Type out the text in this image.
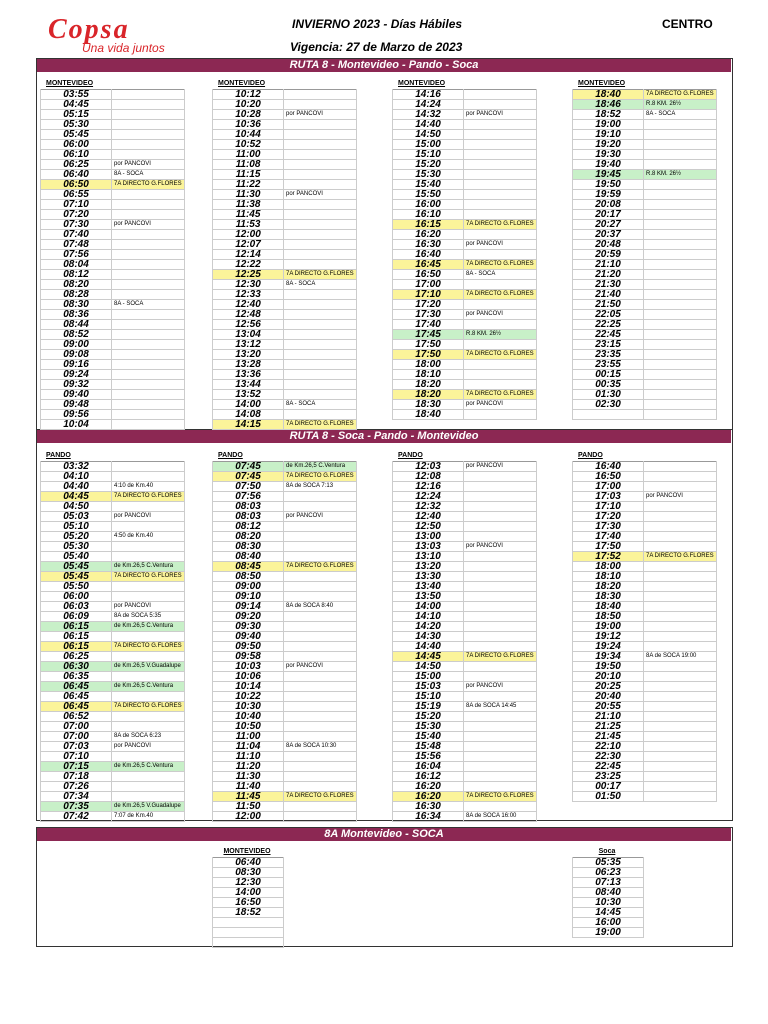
Copsa
Una vida juntos
INVIERNO 2023 - Días Hábiles
Vigencia: 27 de Marzo de 2023
CENTRO
RUTA 8 - Montevideo - Pando - Soca
RUTA 8 - Soca - Pando - Montevideo
8A Montevideo - SOCA
MONTEVIDEO
03:55	
04:45	
05:15	
05:30	
05:45	
06:00	
06:10	
06:25	por PANCOVI
06:40	8A - SOCA
06:50	7A DIRECTO G.FLORES
06:55	
07:10	
07:20	
07:30	por PANCOVI
07:40	
07:48	
07:56	
08:04	
08:12	
08:20	
08:28	
08:30	8A - SOCA
08:36	
08:44	
08:52	
09:00	
09:08	
09:16	
09:24	
09:32	
09:40	
09:48	
09:56	
10:04	
MONTEVIDEO
10:12	
10:20	
10:28	por PANCOVI
10:36	
10:44	
10:52	
11:00	
11:08	
11:15	
11:22	
11:30	por PANCOVI
11:38	
11:45	
11:53	
12:00	
12:07	
12:14	
12:22	
12:25	7A DIRECTO G.FLORES
12:30	8A - SOCA
12:33	
12:40	
12:48	
12:56	
13:04	
13:12	
13:20	
13:28	
13:36	
13:44	
13:52	
14:00	8A - SOCA
14:08	
14:15	7A DIRECTO G.FLORES
MONTEVIDEO
14:16	
14:24	
14:32	por PANCOVI
14:40	
14:50	
15:00	
15:10	
15:20	
15:30	
15:40	
15:50	
16:00	
16:10	
16:15	7A DIRECTO G.FLORES
16:20	
16:30	por PANCOVI
16:40	
16:45	7A DIRECTO G.FLORES
16:50	8A - SOCA
17:00	
17:10	7A DIRECTO G.FLORES
17:20	
17:30	por PANCOVI
17:40	
17:45	R.8 KM. 26½
17:50	
17:50	7A DIRECTO G.FLORES
18:00	
18:10	
18:20	
18:20	7A DIRECTO G.FLORES
18:30	por PANCOVI
18:40	
MONTEVIDEO
18:40	7A DIRECTO G.FLORES
18:46	R.8 KM. 26½
18:52	8A - SOCA
19:00	
19:10	
19:20	
19:30	
19:40	
19:45	R.8 KM. 26½
19:50	
19:59	
20:08	
20:17	
20:27	
20:37	
20:48	
20:59	
21:10	
21:20	
21:30	
21:40	
21:50	
22:05	
22:25	
22:45	
23:15	
23:35	
23:55	
00:15	
00:35	
01:30	
02:30	

PANDO
03:32	
04:10	
04:40	4:10 de Km.40
04:45	7A DIRECTO G.FLORES
04:50	
05:03	por PANCOVI
05:10	
05:20	4:50 de Km.40
05:30	
05:40	
05:45	de Km.26,5 C.Ventura
05:45	7A DIRECTO G.FLORES
05:50	
06:00	
06:03	por PANCOVI
06:09	8A de SOCA 5:35
06:15	de Km.26,5 C.Ventura
06:15	
06:15	7A DIRECTO G.FLORES
06:25	
06:30	de Km.26,5 V.Guadalupe
06:35	
06:45	de Km.26,5 C.Ventura
06:45	
06:45	7A DIRECTO G.FLORES
06:52	
07:00	
07:00	8A de SOCA 6:23
07:03	por PANCOVI
07:10	
07:15	de Km.26,5 C.Ventura
07:18	
07:26	
07:34	
07:35	de Km.26,5 V.Guadalupe
07:42	7:07 de Km.40
PANDO
07:45	de Km.26,5 C.Ventura
07:45	7A DIRECTO G.FLORES
07:50	8A de SOCA 7:13
07:56	
08:03	
08:03	por PANCOVI
08:12	
08:20	
08:30	
08:40	
08:45	7A DIRECTO G.FLORES
08:50	
09:00	
09:10	
09:14	8A de SOCA 8:40
09:20	
09:30	
09:40	
09:50	
09:58	
10:03	por PANCOVI
10:06	
10:14	
10:22	
10:30	
10:40	
10:50	
11:00	
11:04	8A de SOCA 10:30
11:10	
11:20	
11:30	
11:40	
11:45	7A DIRECTO G.FLORES
11:50	
12:00	
PANDO
12:03	por PANCOVI
12:08	
12:16	
12:24	
12:32	
12:40	
12:50	
13:00	
13:03	por PANCOVI
13:10	
13:20	
13:30	
13:40	
13:50	
14:00	
14:10	
14:20	
14:30	
14:40	
14:45	7A DIRECTO G.FLORES
14:50	
15:00	
15:03	por PANCOVI
15:10	
15:19	8A de SOCA 14:45
15:20	
15:30	
15:40	
15:48	
15:56	
16:04	
16:12	
16:20	
16:20	7A DIRECTO G.FLORES
16:30	
16:34	8A de SOCA 16:00
PANDO
16:40	
16:50	
17:00	
17:03	por PANCOVI
17:10	
17:20	
17:30	
17:40	
17:50	
17:52	7A DIRECTO G.FLORES
18:00	
18:10	
18:20	
18:30	
18:40	
18:50	
19:00	
19:12	
19:24	
19:34	8A de SOCA 19:00
19:50	
20:10	
20:25	
20:40	
20:55	
21:10	
21:25	
21:45	
22:10	
22:30	
22:45	
23:25	
00:17	
01:50	
MONTEVIDEO
06:40
08:30
12:30
14:00
16:50
18:52

Soca
05:35
06:23
07:13
08:40
10:30
14:45
16:00
19:00
